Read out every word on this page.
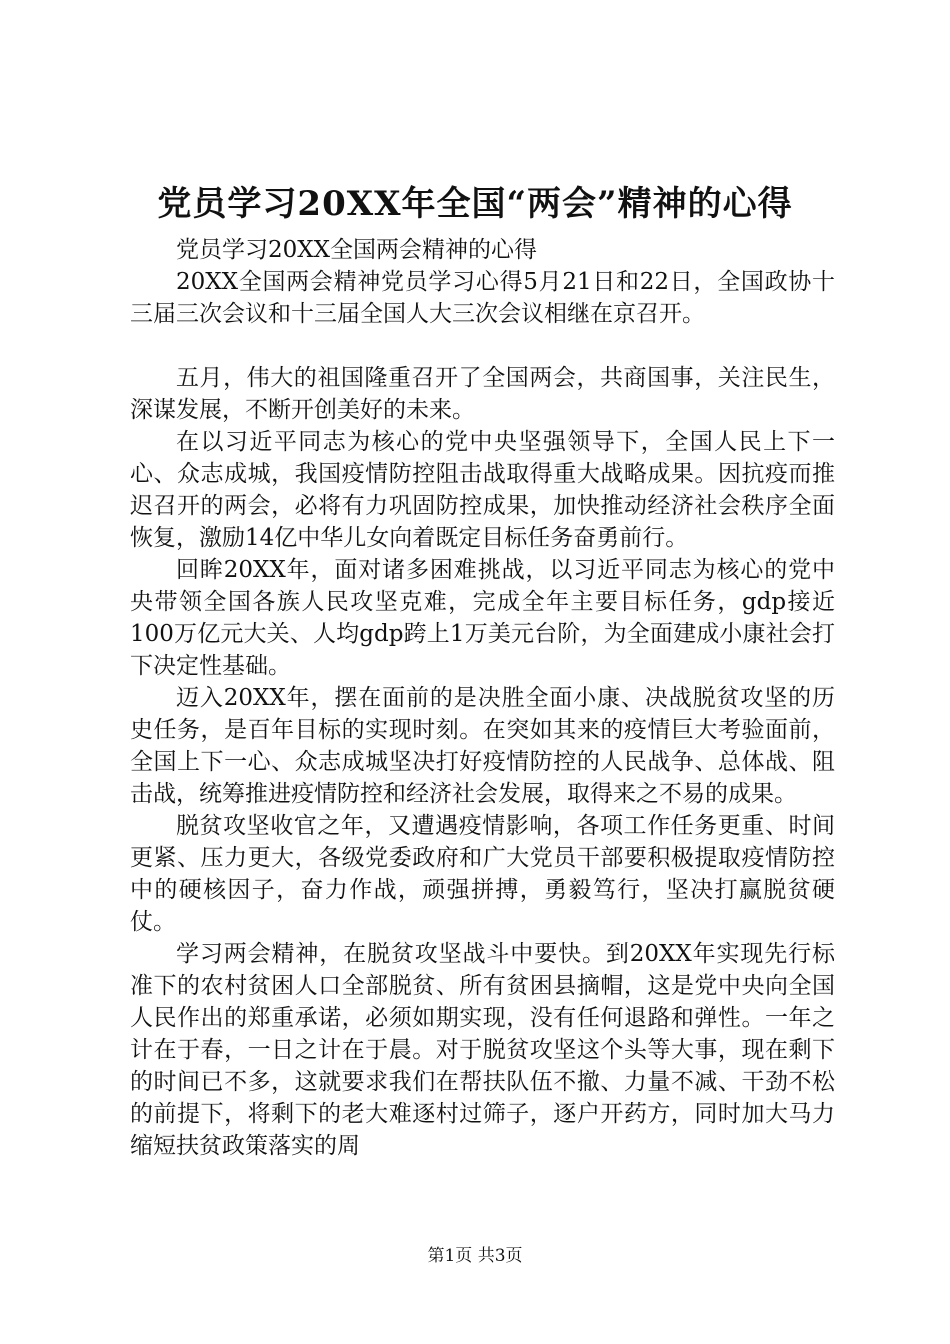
党员学习20XX年全国“两会”精神的心得

党员学习20XX全国两会精神的心得

20XX全国两会精神党员学习心得5月21日和22日，全国政协十三届三次会议和十三届全国人大三次会议相继在京召开。

五月，伟大的祖国隆重召开了全国两会，共商国事，关注民生，深谋发展，不断开创美好的未来。

在以习近平同志为核心的党中央坚强领导下，全国人民上下一心、众志成城，我国疫情防控阻击战取得重大战略成果。因抗疫而推迟召开的两会，必将有力巩固防控成果，加快推动经济社会秩序全面恢复，激励14亿中华儿女向着既定目标任务奋勇前行。

回眸20XX年，面对诸多困难挑战，以习近平同志为核心的党中央带领全国各族人民攻坚克难，完成全年主要目标任务，gdp接近100万亿元大关、人均gdp跨上1万美元台阶，为全面建成小康社会打下决定性基础。

迈入20XX年，摆在面前的是决胜全面小康、决战脱贫攻坚的历史任务，是百年目标的实现时刻。在突如其来的疫情巨大考验面前，全国上下一心、众志成城坚决打好疫情防控的人民战争、总体战、阻击战，统筹推进疫情防控和经济社会发展，取得来之不易的成果。

脱贫攻坚收官之年，又遭遇疫情影响，各项工作任务更重、时间更紧、压力更大，各级党委政府和广大党员干部要积极提取疫情防控中的硬核因子，奋力作战，顽强拼搏，勇毅笃行，坚决打赢脱贫硬仗。

学习两会精神，在脱贫攻坚战斗中要快。到20XX年实现先行标准下的农村贫困人口全部脱贫、所有贫困县摘帽，这是党中央向全国人民作出的郑重承诺，必须如期实现，没有任何退路和弹性。一年之计在于春，一日之计在于晨。对于脱贫攻坚这个头等大事，现在剩下的时间已不多，这就要求我们在帮扶队伍不撤、力量不减、干劲不松的前提下，将剩下的老大难逐村过筛子，逐户开药方，同时加大马力缩短扶贫政策落实的周

第1页 共3页
